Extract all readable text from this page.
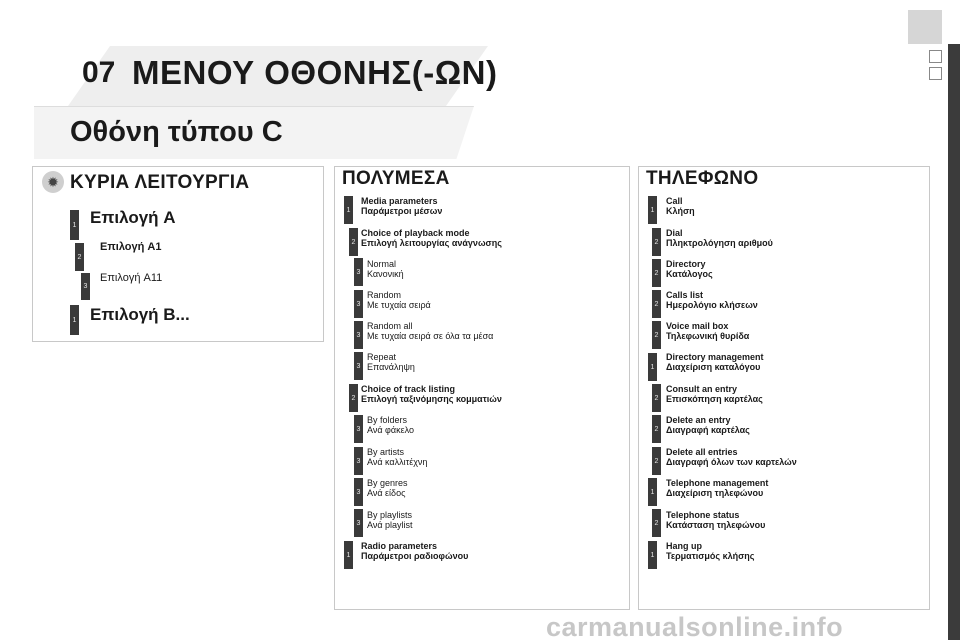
07 ΜΕΝΟΥ ΟΘΟΝΗΣ(-ΩΝ)
Οθόνη τύπου C
✹ ΚΥΡΙΑ ΛΕΙΤΟΥΡΓΙΑ
1 Επιλογή A
2
Επιλογή A1
3
Επιλογή A11
1 Επιλογή B...
ΠΟΛΥΜΕΣΑ
1
Media parameters
Παράμετροι μέσων
2
Choice of playback mode
Επιλογή λειτουργίας ανάγνωσης
3
Normal
Κανονική
3
Random
Με τυχαία σειρά
3
Random all
Με τυχαία σειρά σε όλα τα μέσα
3
Repeat
Επανάληψη
2
Choice of track listing
Επιλογή ταξινόμησης κομματιών
3
By folders
Ανά φάκελο
3
By artists
Ανά καλλιτέχνη
3
By genres
Ανά είδος
3
By playlists
Ανά playlist
1
Radio parameters
Παράμετροι ραδιοφώνου
ΤΗΛΕΦΩΝΟ
1
Call
Κλήση
2
Dial
Πληκτρολόγηση αριθμού
2
Directory
Κατάλογος
2
Calls list
Ημερολόγιο κλήσεων
2
Voice mail box
Τηλεφωνική θυρίδα
1
Directory management
Διαχείριση καταλόγου
2
Consult an entry
Επισκόπηση καρτέλας
2
Delete an entry
Διαγραφή καρτέλας
2
Delete all entries
Διαγραφή όλων των καρτελών
1
Telephone management
Διαχείριση τηλεφώνου
2
Telephone status
Κατάσταση τηλεφώνου
1
Hang up
Τερματισμός κλήσης
carmanualsonline.info
